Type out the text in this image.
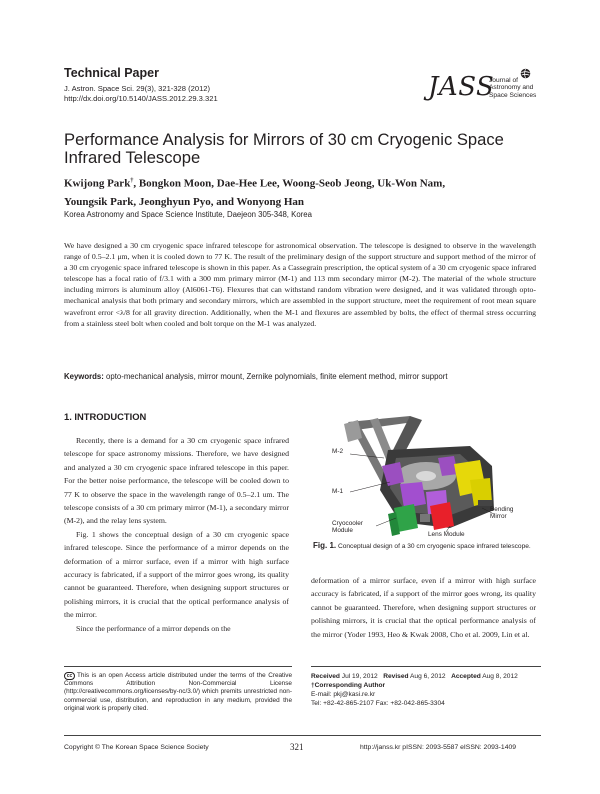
Technical Paper
J. Astron. Space Sci. 29(3), 321-328 (2012)
http://dx.doi.org/10.5140/JASS.2012.29.3.321	JASS
Journal of
Astronomy and
Space Sciences
Performance Analysis for Mirrors of 30 cm Cryogenic Space Infrared Telescope
Kwijong Park†, Bongkon Moon, Dae-Hee Lee, Woong-Seob Jeong, Uk-Won Nam,
Youngsik Park, Jeonghyun Pyo, and Wonyong Han
Korea Astronomy and Space Science Institute, Daejeon 305-348, Korea
We have designed a 30 cm cryogenic space infrared telescope for astronomical observation. The telescope is designed to observe in the wavelength range of 0.5–2.1 μm, when it is cooled down to 77 K. The result of the preliminary design of the support structure and support method of the mirror of a 30 cm cryogenic space infrared telescope is shown in this paper. As a Cassegrain prescription, the optical system of a 30 cm cryogenic space infrared telescope has a focal ratio of f/3.1 with a 300 mm primary mirror (M-1) and 113 mm secondary mirror (M-2). The material of the whole structure including mirrors is aluminum alloy (Al6061-T6). Flexures that can withstand random vibration were designed, and it was validated through opto-mechanical analysis that both primary and secondary mirrors, which are assembled in the support structure, meet the requirement of root mean square wavefront error <λ/8 for all gravity direction. Additionally, when the M-1 and flexures are assembled by bolts, the effect of thermal stress occurring from a stainless steel bolt when cooled and bolt torque on the M-1 was analyzed.
Keywords: opto-mechanical analysis, mirror mount, Zernike polynomials, finite element method, mirror support
1. INTRODUCTION

Recently, there is a demand for a 30 cm cryogenic space infrared telescope for space astronomy missions. Therefore, we have designed and analyzed a 30 cm cryogenic space infrared telescope in this paper. For the better noise performance, the telescope will be cooled down to 77 K to observe the space in the wavelength range of 0.5–2.1 um. The telescope consists of a 30 cm primary mirror (M-1), a secondary mirror (M-2), and the relay lens system.

Fig. 1 shows the conceptual design of a 30 cm cryogenic space infrared telescope. Since the performance of a mirror depends on the deformation of a mirror surface, even if a mirror with high surface accuracy is fabricated, if a support of the mirror goes wrong, its quality cannot be guaranteed. Therefore, when designing support structures or polishing mirrors, it is crucial that the optical performance analysis of the mirror.

Since the performance of a mirror depends on the

M-2
M-1
Cryocooler
Module
Bending
Mirror
Lens Module
Fig. 1. Conceptual design of a 30 cm cryogenic space infrared telescope.

deformation of a mirror surface, even if a mirror with high surface accuracy is fabricated, if a support of the mirror goes wrong, its quality cannot be guaranteed. Therefore, when designing support structures or polishing mirrors, it is crucial that the optical performance analysis of the mirror (Yoder 1993, Heo & Kwak 2008, Cho et al. 2009, Lin et al.

cc This is an open Access article distributed under the terms of the Creative Commons Attribution Non-Commercial License (http://creativecommons.org/licenses/by-nc/3.0/) which premits unrestricted non-commercial use, distribution, and reproduction in any medium, provided the original work is properly cited.
Received Jul 19, 2012 Revised Aug 6, 2012 Accepted Aug 8, 2012
†Corresponding Author
E-mail: pkj@kasi.re.kr
Tel: +82-42-865-2107 Fax: +82-042-865-3304
Copyright © The Korean Space Science Society	321	http://janss.kr pISSN: 2093-5587 eISSN: 2093-1409
